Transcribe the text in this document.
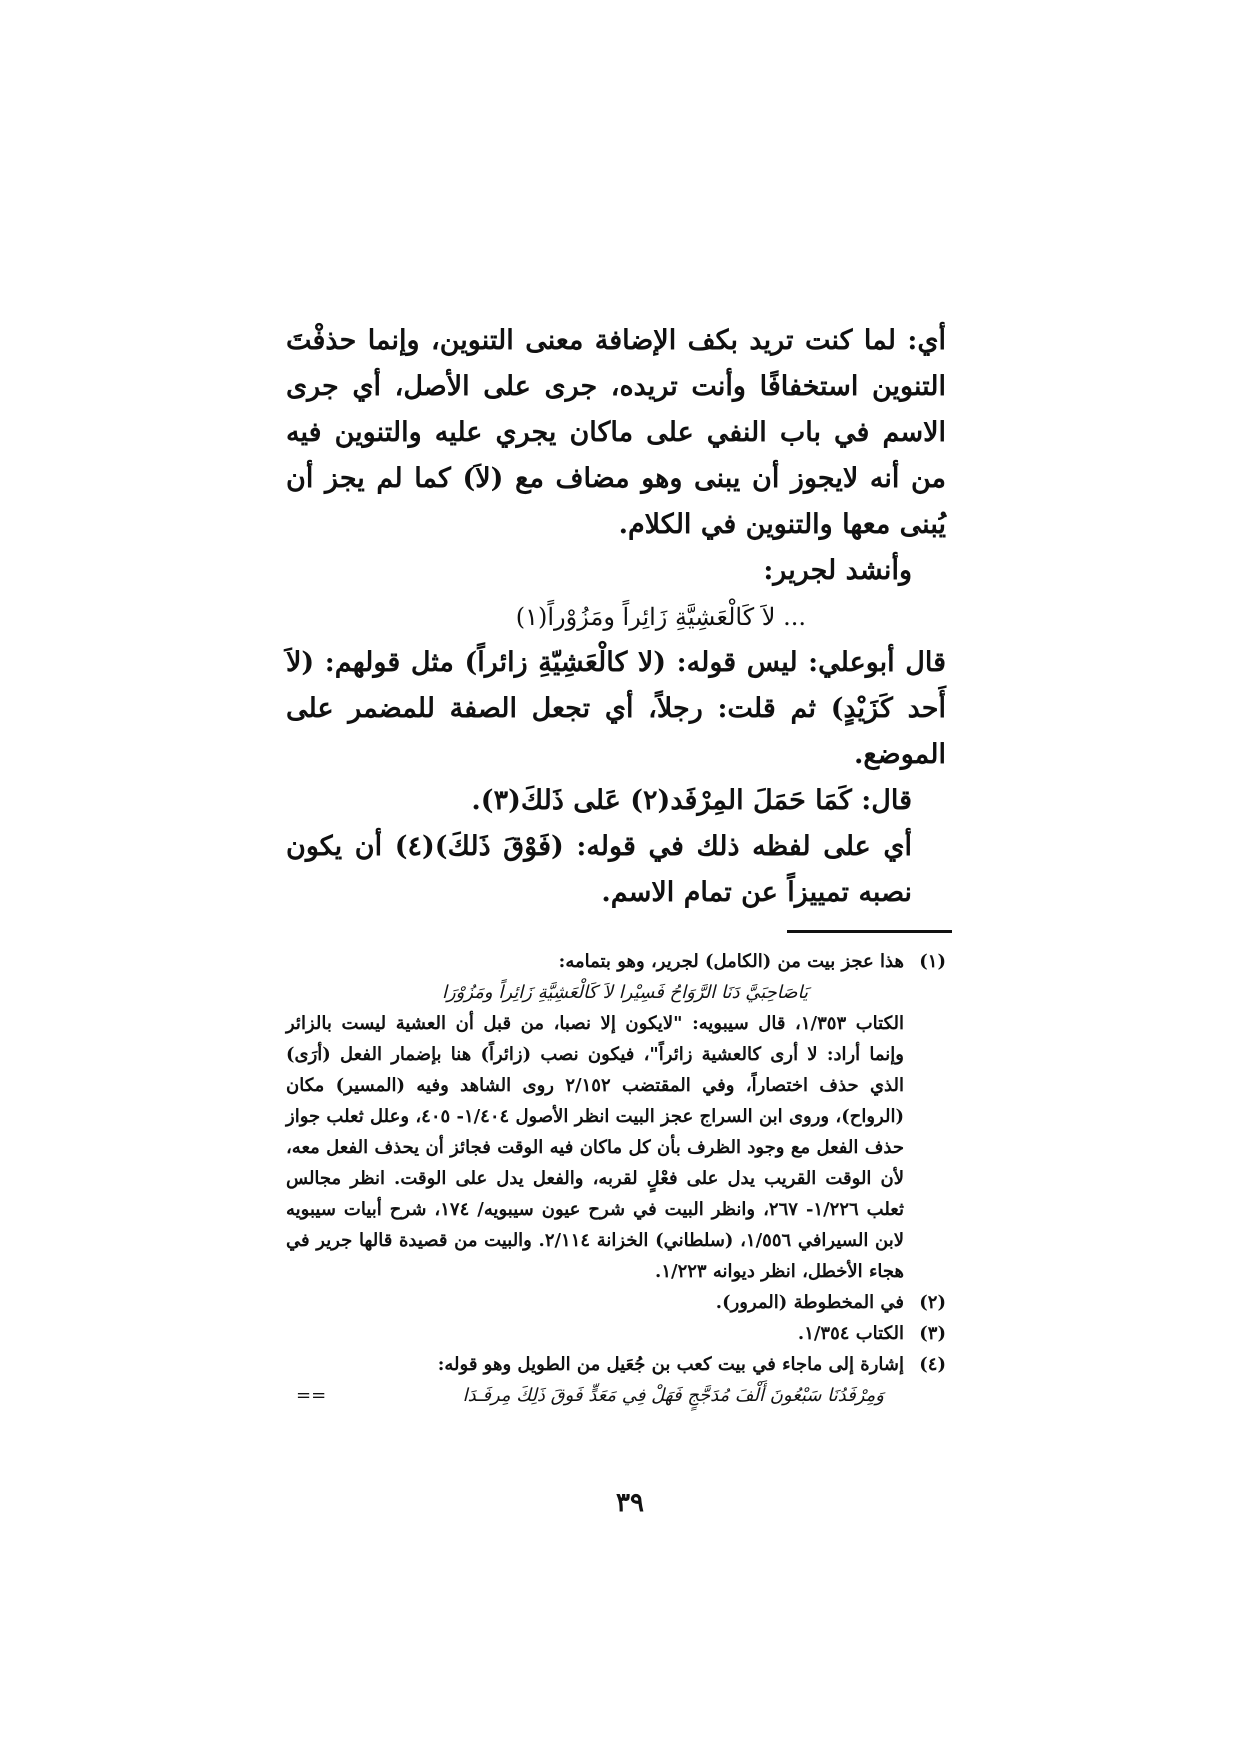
أي: لما كنت تريد بكف الإضافة معنى التنوين، وإنما حذفْتَ التنوين استخفافًا وأنت تريده، جرى على الأصل، أي جرى الاسم في باب النفي على ماكان يجري عليه والتنوين فيه من أنه لايجوز أن يبنى وهو مضاف مع (لاَ) كما لم يجز أن يُبنى معها والتنوين في الكلام.

وأنشد لجرير:

... لاَ كَالْعَشِيَّةِ زَائِراً ومَزُوْراً(١)

قال أبوعلي: ليس قوله: (لا كالْعَشِيّةِ زائراً) مثل قولهم: (لاَ أَحد كَزَيْدٍ) ثم قلت: رجلاً، أي تجعل الصفة للمضمر على الموضع.

قال: كَمَا حَمَلَ المِرْفَد(٢) عَلى ذَلكَ(٣).

أي على لفظه ذلك في قوله: (فَوْقَ ذَلكَ)(٤) أن يكون نصبه تمييزاً عن تمام الاسم.

(١)
هذا عجز بيت من (الكامل) لجرير، وهو بتمامه:
يَاصَاحِبَيَّ دَنَا الرَّوَاحُ فَسِيْرا لاَ كَالْعَشِيَّةِ زَائِراً ومَزُوْرَا

الكتاب ١/٣٥٣، قال سيبويه: "لايكون إلا نصبا، من قبل أن العشية ليست بالزائر وإنما أراد: لا أرى كالعشية زائراً"، فيكون نصب (زائراً) هنا بإضمار الفعل (أرَى) الذي حذف اختصاراً، وفي المقتضب ٢/١٥٢ روى الشاهد وفيه (المسير) مكان (الرواح)، وروى ابن السراج عجز البيت انظر الأصول ١/٤٠٤- ٤٠٥، وعلل ثعلب جواز حذف الفعل مع وجود الظرف بأن كل ماكان فيه الوقت فجائز أن يحذف الفعل معه، لأن الوقت القريب يدل على فعْلٍ لقربه، والفعل يدل على الوقت. انظر مجالس ثعلب ١/٢٢٦- ٢٦٧، وانظر البيت في شرح عيون سيبويه/ ١٧٤، شرح أبيات سيبويه لابن السيرافي ١/٥٥٦، (سلطاني) الخزانة ٢/١١٤. والبيت من قصيدة قالها جرير في هجاء الأخطل، انظر ديوانه ١/٢٢٣.

(٢)
في المخطوطة (المرور).
(٣)
الكتاب ١/٣٥٤.
(٤)
إشارة إلى ماجاء في بيت كعب بن جُعَيل من الطويل وهو قوله:
وَمِرْفَدُنَا سَبْعُونَ أَلْفَ مُدَجَّجٍ فَهَلْ فِي مَعَدٍّ فَوقَ ذَلِكَ مِرفَـدَا
==
٣٩
